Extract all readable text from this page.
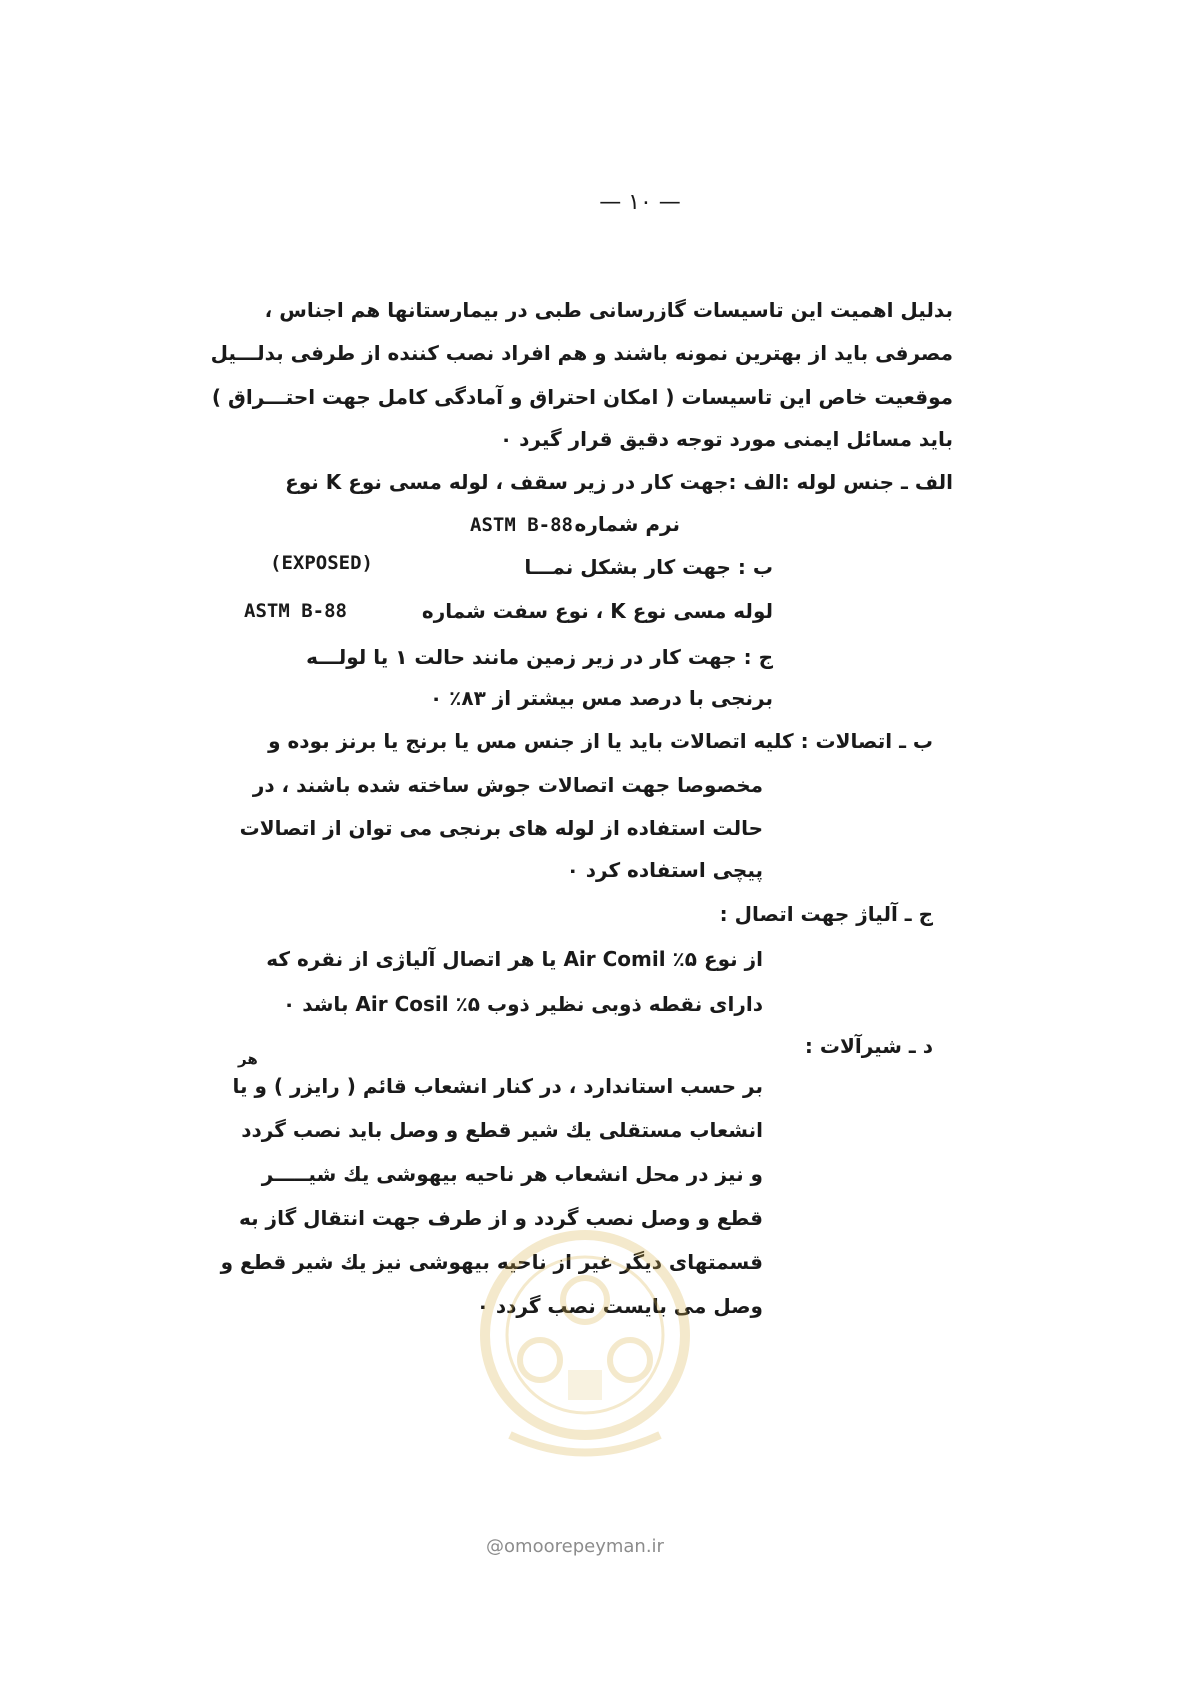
— ۱۰ —
بدلیل اهمیت این تاسیسات گازرسانی طبی در بیمارستانها هم اجناس ،
مصرفی باید از بهترین نمونه باشند و هم افراد نصب کننده از طرفی بدلـــیل
موقعیت خاص این تاسیسات ( امکان احتراق و آمادگی کامل جهت احتـــراق )
باید مسائل ایمنی مورد توجه دقیق قرار گیرد ۰
الف ـ جنس لوله :الف :جهت کار در زیر سقف ، لوله مسی نوع K نوع
نرم شماره‌
ASTM B-88
ب : جهت کار بشکل نمـــا
(EXPOSED)
لوله‌ مسی نوع K ، نوع سفت شماره
ASTM B-88
ج : جهت کار در زیر زمین مانند حالت ۱ یا لولـــه‌
برنجی با درصد مس بیشتر از ۸۳٪ ۰
ب ـ اتصالات : کلیه اتصالات باید یا از جنس مس یا برنج یا برنز بوده و
مخصوصا‌ جهت اتصالات جوش ساخته شده باشند ، در
حالت استفاده از لوله های برنجی می توان از اتصالات
پیچی استفاده کرد ۰
ج ـ آلیاژ جهت اتصال :
از نوع ۵٪ Air Comil یا هر اتصال آلیاژی از نقره که
دارای نقطه‌ ذوبی نظیر ذوب ۵٪ Air Cosil باشد ۰
د ـ شیرآلات :
هر
بر حسب استاندارد ، در کنار انشعاب قائم ( رایزر ) و یا
انشعاب مستقلی یك شیر قطع و وصل باید نصب گردد
و نیز در محل انشعاب هر ناحیه‌ بیهوشی یك شیـــــر
قطع و وصل نصب گردد و از طرف جهت انتقال گاز به
قسمتهای دیگر غیر از ناحیه بیهوشی نیز یك شیر قطع و
وصل می بایست نصب گردد ۰
@omoorepeyman.ir
